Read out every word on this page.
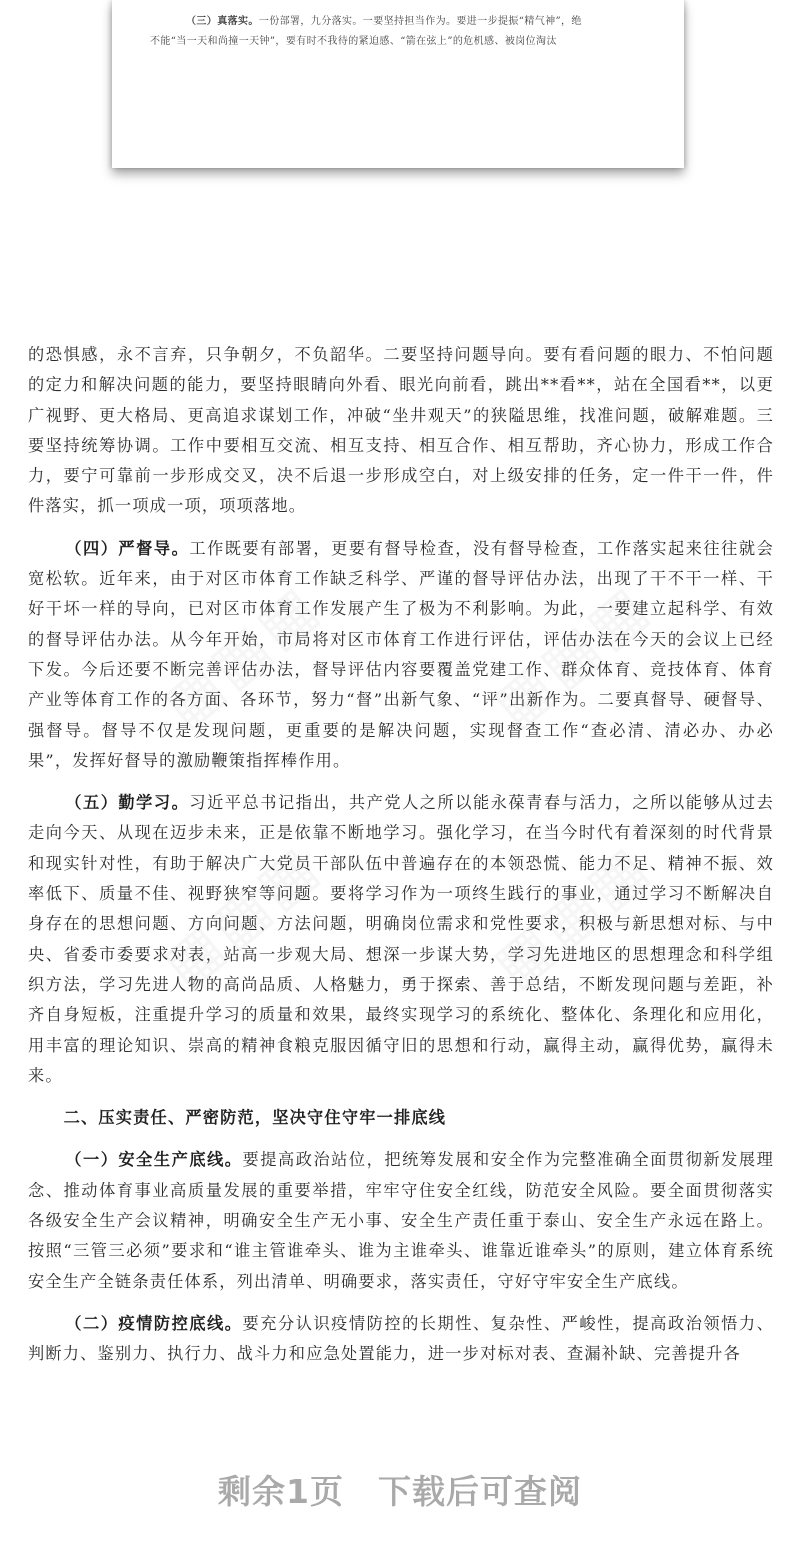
（三）真落实。一份部署，九分落实。一要坚持担当作为。要进一步提振“精气神”，绝
不能“当一天和尚撞一天钟”，要有时不我待的紧迫感、“箭在弦上”的危机感、被岗位淘汰

的恐惧感，永不言弃，只争朝夕，不负韶华。二要坚持问题导向。要有看问题的眼力、不怕问题的定力和解决问题的能力，要坚持眼睛向外看、眼光向前看，跳出**看**，站在全国看**，以更广视野、更大格局、更高追求谋划工作，冲破“坐井观天”的狭隘思维，找准问题，破解难题。三要坚持统筹协调。工作中要相互交流、相互支持、相互合作、相互帮助，齐心协力，形成工作合力，要宁可靠前一步形成交叉，决不后退一步形成空白，对上级安排的任务，定一件干一件，件件落实，抓一项成一项，项项落地。

（四）严督导。工作既要有部署，更要有督导检查，没有督导检查，工作落实起来往往就会宽松软。近年来，由于对区市体育工作缺乏科学、严谨的督导评估办法，出现了干不干一样、干好干坏一样的导向，已对区市体育工作发展产生了极为不利影响。为此，一要建立起科学、有效的督导评估办法。从今年开始，市局将对区市体育工作进行评估，评估办法在今天的会议上已经下发。今后还要不断完善评估办法，督导评估内容要覆盖党建工作、群众体育、竞技体育、体育产业等体育工作的各方面、各环节，努力“督”出新气象、“评”出新作为。二要真督导、硬督导、强督导。督导不仅是发现问题，更重要的是解决问题，实现督查工作“查必清、清必办、办必果”，发挥好督导的激励鞭策指挥棒作用。

（五）勤学习。习近平总书记指出，共产党人之所以能永葆青春与活力，之所以能够从过去走向今天、从现在迈步未来，正是依靠不断地学习。强化学习，在当今时代有着深刻的时代背景和现实针对性，有助于解决广大党员干部队伍中普遍存在的本领恐慌、能力不足、精神不振、效率低下、质量不佳、视野狭窄等问题。要将学习作为一项终生践行的事业，通过学习不断解决自身存在的思想问题、方向问题、方法问题，明确岗位需求和党性要求，积极与新思想对标、与中央、省委市委要求对表，站高一步观大局、想深一步谋大势，学习先进地区的思想理念和科学组织方法，学习先进人物的高尚品质、人格魅力，勇于探索、善于总结，不断发现问题与差距，补齐自身短板，注重提升学习的质量和效果，最终实现学习的系统化、整体化、条理化和应用化，用丰富的理论知识、崇高的精神食粮克服因循守旧的思想和行动，赢得主动，赢得优势，赢得未来。

二、压实责任、严密防范，坚决守住守牢一排底线

（一）安全生产底线。要提高政治站位，把统筹发展和安全作为完整准确全面贯彻新发展理念、推动体育事业高质量发展的重要举措，牢牢守住安全红线，防范安全风险。要全面贯彻落实各级安全生产会议精神，明确安全生产无小事、安全生产责任重于泰山、安全生产永远在路上。按照“三管三必须”要求和“谁主管谁牵头、谁为主谁牵头、谁靠近谁牵头”的原则，建立体育系统安全生产全链条责任体系，列出清单、明确要求，落实责任，守好守牢安全生产底线。

（二）疫情防控底线。要充分认识疫情防控的长期性、复杂性、严峻性，提高政治领悟力、判断力、鉴别力、执行力、战斗力和应急处置能力，进一步对标对表、查漏补缺、完善提升各

剩余1页 下载后可查阅
